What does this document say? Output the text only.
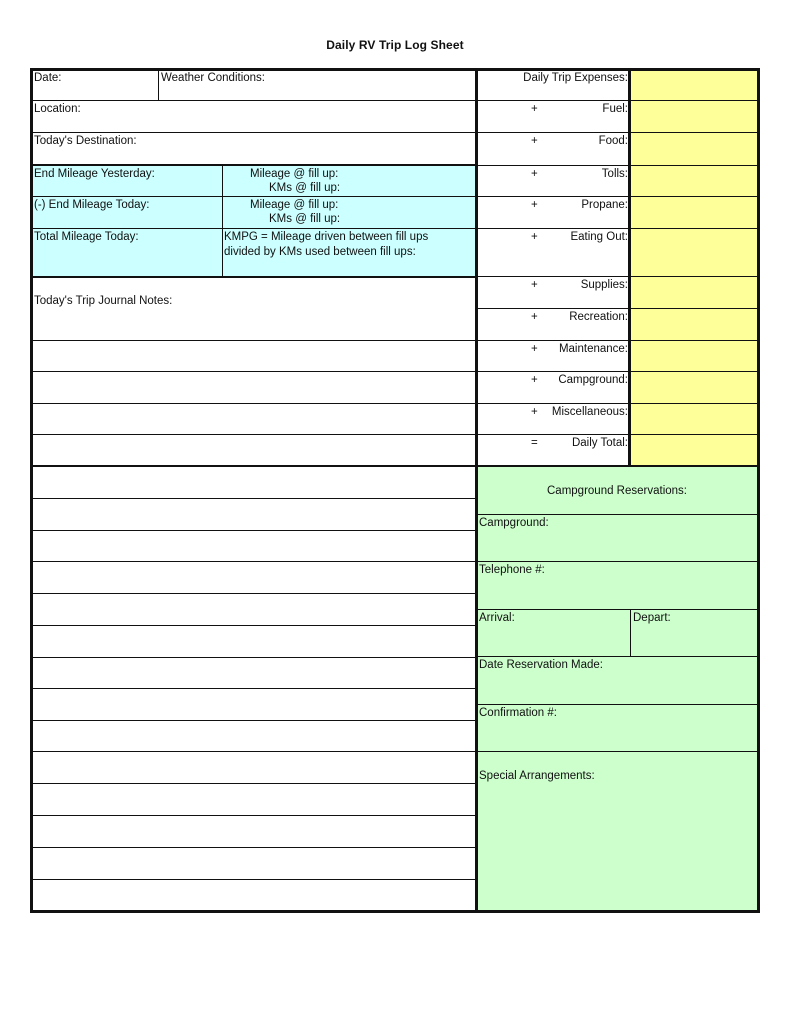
Daily RV Trip Log Sheet
Date:	Weather Conditions:
Location:
Today's Destination:
End Mileage Yesterday:	Mileage @ fill up:
KMs @ fill up:
(-) End Mileage Today:	Mileage @ fill up:
KMs @ fill up:
Total Mileage Today:	KMPG = Mileage driven between fill ups
divided by KMs used between fill ups:
Today's Trip Journal Notes:
Daily Trip Expenses:
+	Fuel:
+	Food:
+	Tolls:
+	Propane:
+	Eating Out:
+	Supplies:
+	Recreation:
+ Maintenance:
+ Campground:
+ Miscellaneous:
=	Daily Total:
Campground Reservations:
Campground:
Telephone #:
Arrival:	Depart:
Date Reservation Made:
Confirmation #:
Special Arrangements:
